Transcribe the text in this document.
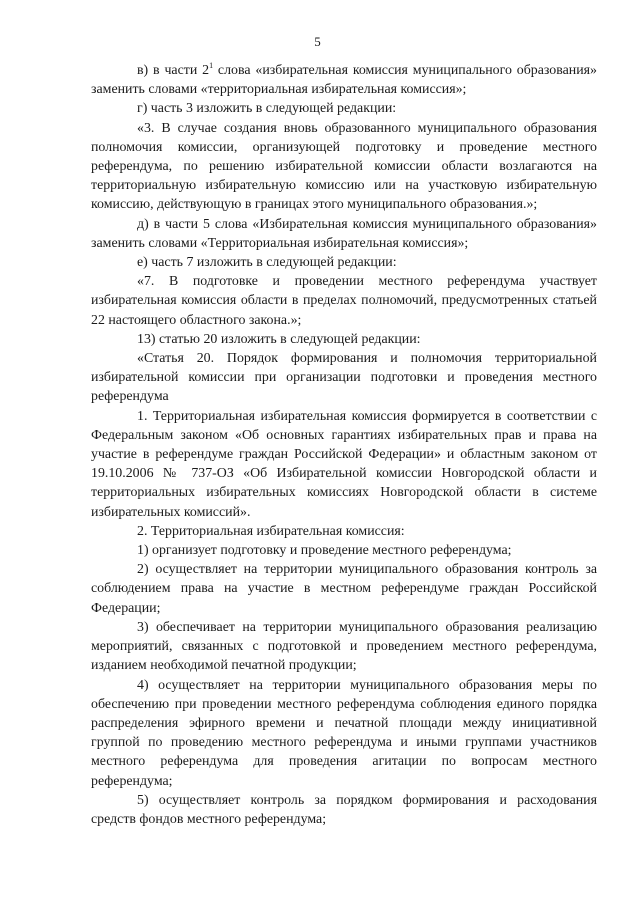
5

в) в части $2^1$ слова «избирательная комиссия муниципального образования» заменить словами «территориальная избирательная комиссия»;

г) часть 3 изложить в следующей редакции:

«3. В случае создания вновь образованного муниципального образования полномочия комиссии, организующей подготовку и проведение местного референдума, по решению избирательной комиссии области возлагаются на территориальную избирательную комиссию или на участковую избирательную комиссию, действующую в границах этого муниципального образования.»;

д) в части 5 слова «Избирательная комиссия муниципального образования» заменить словами «Территориальная избирательная комиссия»;

е) часть 7 изложить в следующей редакции:

«7. В подготовке и проведении местного референдума участвует избирательная комиссия области в пределах полномочий, предусмотренных статьей 22 настоящего областного закона.»;

13) статью 20 изложить в следующей редакции:

«Статья 20. Порядок формирования и полномочия территориальной избирательной комиссии при организации подготовки и проведения местного референдума

1. Территориальная избирательная комиссия формируется в соответствии с Федеральным законом «Об основных гарантиях избирательных прав и права на участие в референдуме граждан Российской Федерации» и областным законом от 19.10.2006 № 737-ОЗ «Об Избирательной комиссии Новгородской области и территориальных избирательных комиссиях Новгородской области в системе избирательных комиссий».

2. Территориальная избирательная комиссия:

1) организует подготовку и проведение местного референдума;

2) осуществляет на территории муниципального образования контроль за соблюдением права на участие в местном референдуме граждан Российской Федерации;

3) обеспечивает на территории муниципального образования реализацию мероприятий, связанных с подготовкой и проведением местного референдума, изданием необходимой печатной продукции;

4) осуществляет на территории муниципального образования меры по обеспечению при проведении местного референдума соблюдения единого порядка распределения эфирного времени и печатной площади между инициативной группой по проведению местного референдума и иными группами участников местного референдума для проведения агитации по вопросам местного референдума;

5) осуществляет контроль за порядком формирования и расходования средств фондов местного референдума;
